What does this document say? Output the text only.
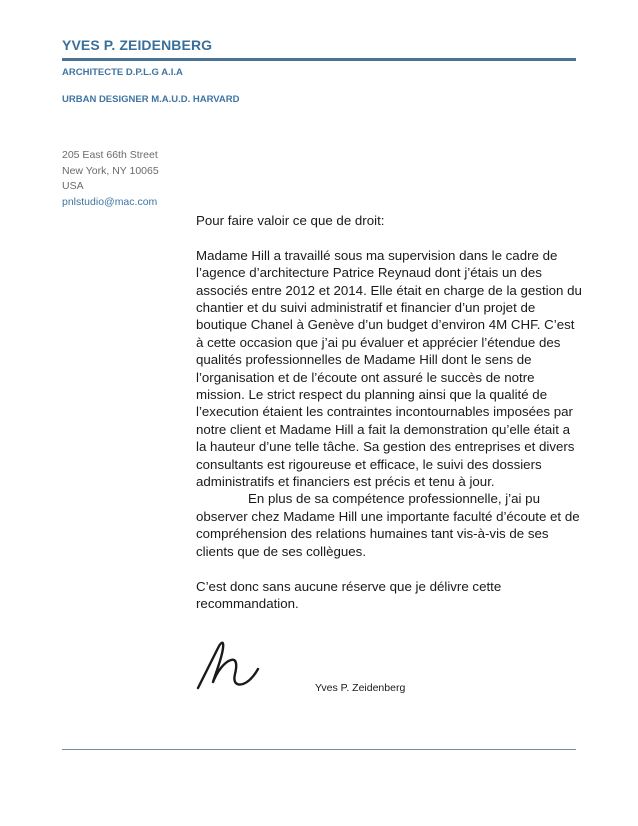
YVES P. ZEIDENBERG

ARCHITECTE D.P.L.G A.I.A

URBAN DESIGNER M.A.U.D. HARVARD

205 East 66th Street
New York, NY 10065
USA
pnlstudio@mac.com

Pour faire valoir ce que de droit:

Madame Hill a travaillé sous ma supervision dans le cadre de l’agence d’architecture Patrice Reynaud dont j’étais un des associés entre 2012 et 2014. Elle était en charge de la gestion du chantier et du suivi administratif et financier d’un projet de boutique Chanel à Genève d’un budget d’environ 4M CHF. C’est à cette occasion que j’ai pu évaluer et apprécier l’étendue des qualités professionnelles de Madame Hill dont le sens de l’organisation et de l’écoute ont assuré le succès de notre mission. Le strict respect du planning ainsi que la qualité de l’execution étaient les contraintes incontournables imposées par notre client et Madame Hill a fait la demonstration qu’elle était a la hauteur d’une telle tâche. Sa gestion des entreprises et divers consultants est rigoureuse et efficace, le suivi des dossiers administratifs et financiers est précis et tenu à jour.

En plus de sa compétence professionnelle, j’ai pu observer chez Madame Hill une importante faculté d’écoute et de compréhension des relations humaines tant vis-à-vis de ses clients que de ses collègues.

C’est donc sans aucune réserve que je délivre cette recommandation.

Yves P. Zeidenberg
